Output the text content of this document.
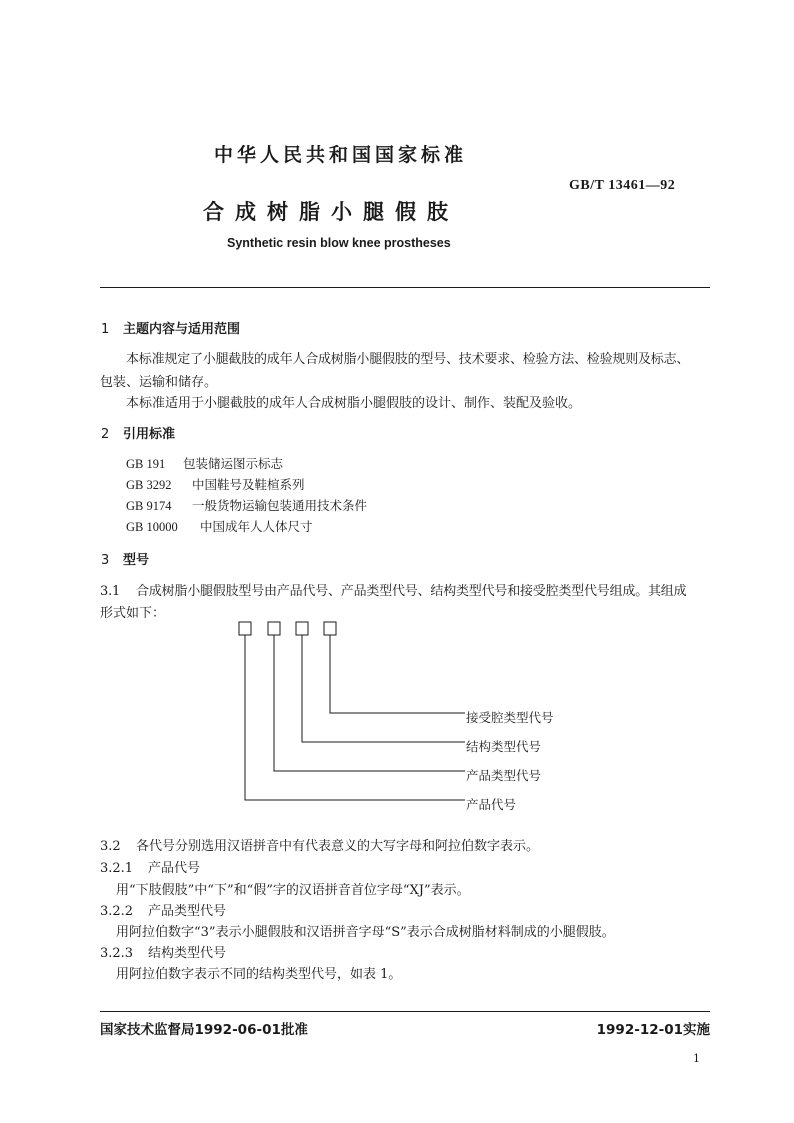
中华人民共和国国家标准
GB/T 13461—92
合成树脂小腿假肢
Synthetic resin blow knee prostheses
1 主题内容与适用范围
本标准规定了小腿截肢的成年人合成树脂小腿假肢的型号、技术要求、检验方法、检验规则及标志、
包装、运输和储存。
本标准适用于小腿截肢的成年人合成树脂小腿假肢的设计、制作、装配及验收。
2 引用标准
GB 191 包装储运图示标志
GB 3292 中国鞋号及鞋楦系列
GB 9174 一般货物运输包装通用技术条件
GB 10000 中国成年人人体尺寸
3 型号
3.1 合成树脂小腿假肢型号由产品代号、产品类型代号、结构类型代号和接受腔类型代号组成。其组成
形式如下：
接受腔类型代号
结构类型代号
产品类型代号
产品代号
3.2 各代号分别选用汉语拼音中有代表意义的大写字母和阿拉伯数字表示。
3.2.1 产品代号
用“下肢假肢”中“下”和“假”字的汉语拼音首位字母“XJ”表示。
3.2.2 产品类型代号
用阿拉伯数字“3”表示小腿假肢和汉语拼音字母“S”表示合成树脂材料制成的小腿假肢。
3.2.3 结构类型代号
用阿拉伯数字表示不同的结构类型代号，如表 1。
国家技术监督局1992-06-01批准	1992-12-01实施
1
